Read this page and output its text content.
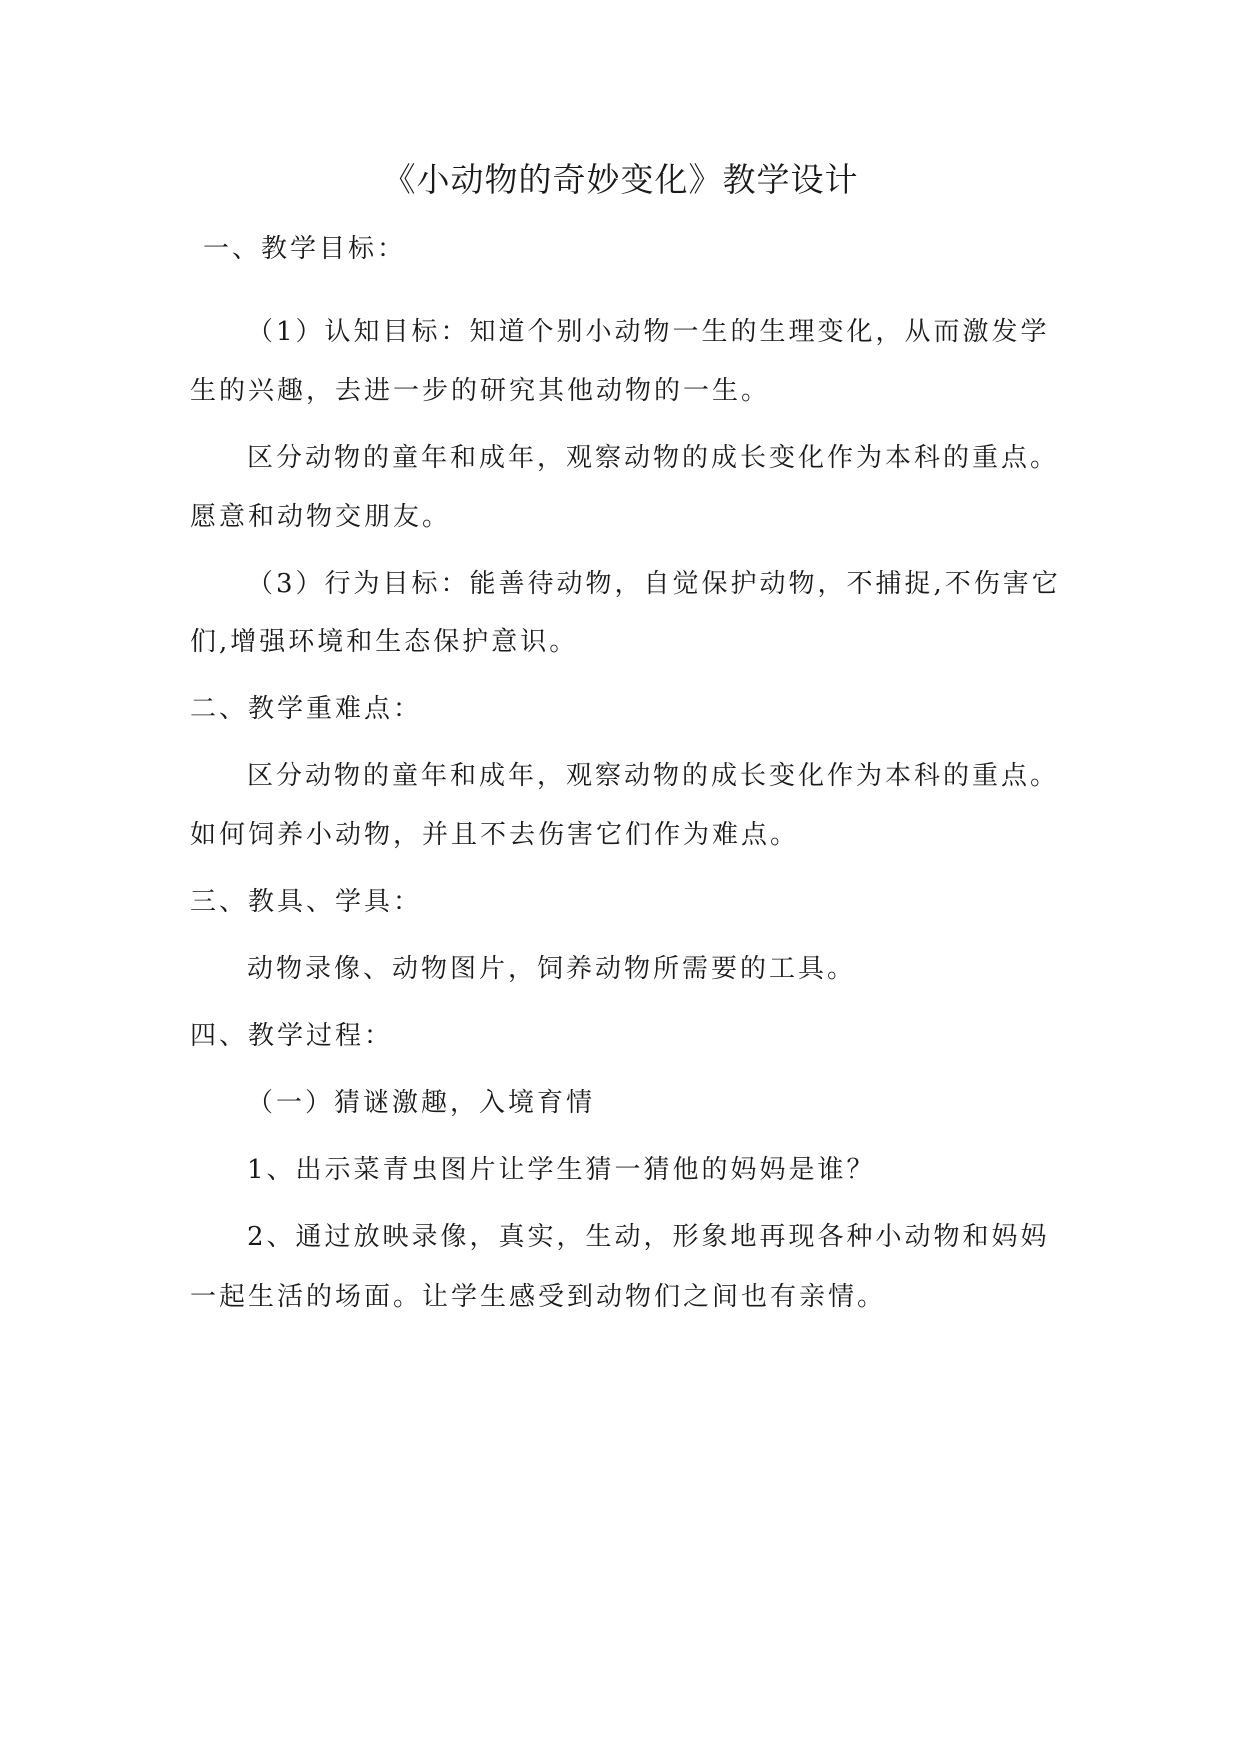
《小动物的奇妙变化》教学设计
一、教学目标：
（1）认知目标：知道个别小动物一生的生理变化，从而激发学
生的兴趣，去进一步的研究其他动物的一生。
区分动物的童年和成年，观察动物的成长变化作为本科的重点。
愿意和动物交朋友。
（3）行为目标：能善待动物，自觉保护动物，不捕捉,不伤害它
们,增强环境和生态保护意识。
二、教学重难点：
区分动物的童年和成年，观察动物的成长变化作为本科的重点。
如何饲养小动物，并且不去伤害它们作为难点。
三、教具、学具：
动物录像、动物图片，饲养动物所需要的工具。
四、教学过程：
（一）猜谜激趣，入境育情
1、出示菜青虫图片让学生猜一猜他的妈妈是谁？
2、通过放映录像，真实，生动，形象地再现各种小动物和妈妈
一起生活的场面。让学生感受到动物们之间也有亲情。
